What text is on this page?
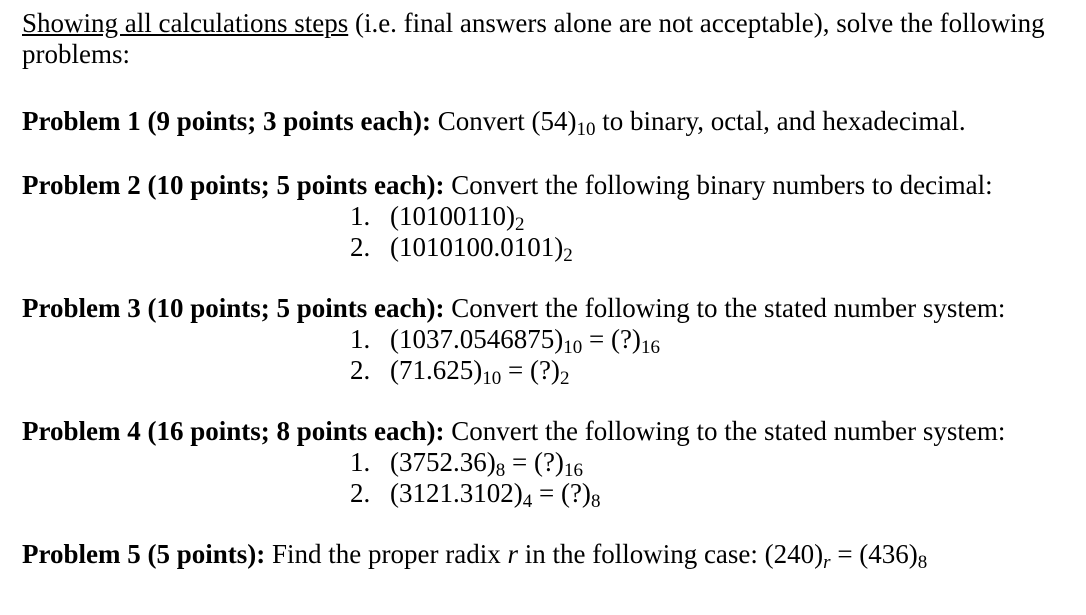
Showing all calculations steps (i.e. final answers alone are not acceptable), solve the following problems:

Problem 1 (9 points; 3 points each): Convert $(54)_{10}$ to binary, octal, and hexadecimal.

Problem 2 (10 points; 5 points each): Convert the following binary numbers to decimal:

1. $(10100110)_2$
2. $(1010100.0101)_2$

Problem 3 (10 points; 5 points each): Convert the following to the stated number system:

1. $(1037.0546875)_{10}$ = $(?)_{16}$
2. $(71.625)_{10}$ = $(?)_2$

Problem 4 (16 points; 8 points each): Convert the following to the stated number system:

1. $(3752.36)_8$ = $(?)_{16}$
2. $(3121.3102)_4$ = $(?)_8$

Problem 5 (5 points): Find the proper radix r in the following case: $(240)_r = (436)_8$
